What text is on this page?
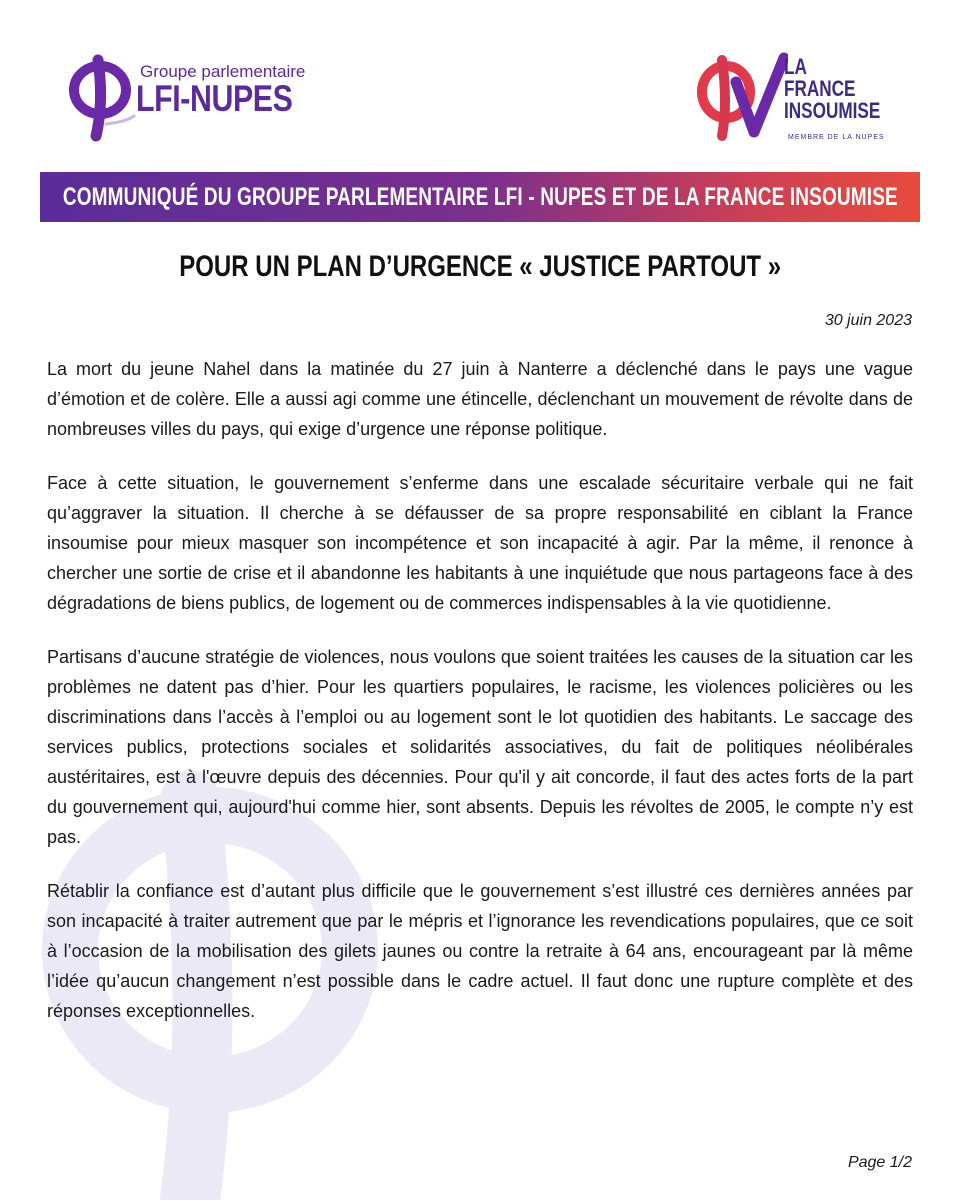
Groupe parlementaire
LFI-NUPES
LA
FRANCE
INSOUMISE
MEMBRE DE LA NUPES
COMMUNIQUÉ DU GROUPE PARLEMENTAIRE LFI - NUPES ET DE LA FRANCE INSOUMISE
POUR UN PLAN D’URGENCE « JUSTICE PARTOUT »
30 juin 2023

La mort du jeune Nahel dans la matinée du 27 juin à Nanterre a déclenché dans le pays une vague d’émotion et de colère. Elle a aussi agi comme une étincelle, déclenchant un mouvement de révolte dans de nombreuses villes du pays, qui exige d’urgence une réponse politique.

Face à cette situation, le gouvernement s’enferme dans une escalade sécuritaire verbale qui ne fait qu’aggraver la situation. Il cherche à se défausser de sa propre responsabilité en ciblant la France insoumise pour mieux masquer son incompétence et son incapacité à agir. Par la même, il renonce à chercher une sortie de crise et il abandonne les habitants à une inquiétude que nous partageons face à des dégradations de biens publics, de logement ou de commerces indispensables à la vie quotidienne.

Partisans d’aucune stratégie de violences, nous voulons que soient traitées les causes de la situation car les problèmes ne datent pas d’hier. Pour les quartiers populaires, le racisme, les violences policières ou les discriminations dans l’accès à l’emploi ou au logement sont le lot quotidien des habitants. Le saccage des services publics, protections sociales et solidarités associatives, du fait de politiques néolibérales austéritaires, est à l'œuvre depuis des décennies. Pour qu'il y ait concorde, il faut des actes forts de la part du gouvernement qui, aujourd'hui comme hier, sont absents. Depuis les révoltes de 2005, le compte n’y est pas.

Rétablir la confiance est d’autant plus difficile que le gouvernement s’est illustré ces dernières années par son incapacité à traiter autrement que par le mépris et l’ignorance les revendications populaires, que ce soit à l’occasion de la mobilisation des gilets jaunes ou contre la retraite à 64 ans, encourageant par là même l’idée qu’aucun changement n’est possible dans le cadre actuel. Il faut donc une rupture complète et des réponses exceptionnelles.

Page 1/2
